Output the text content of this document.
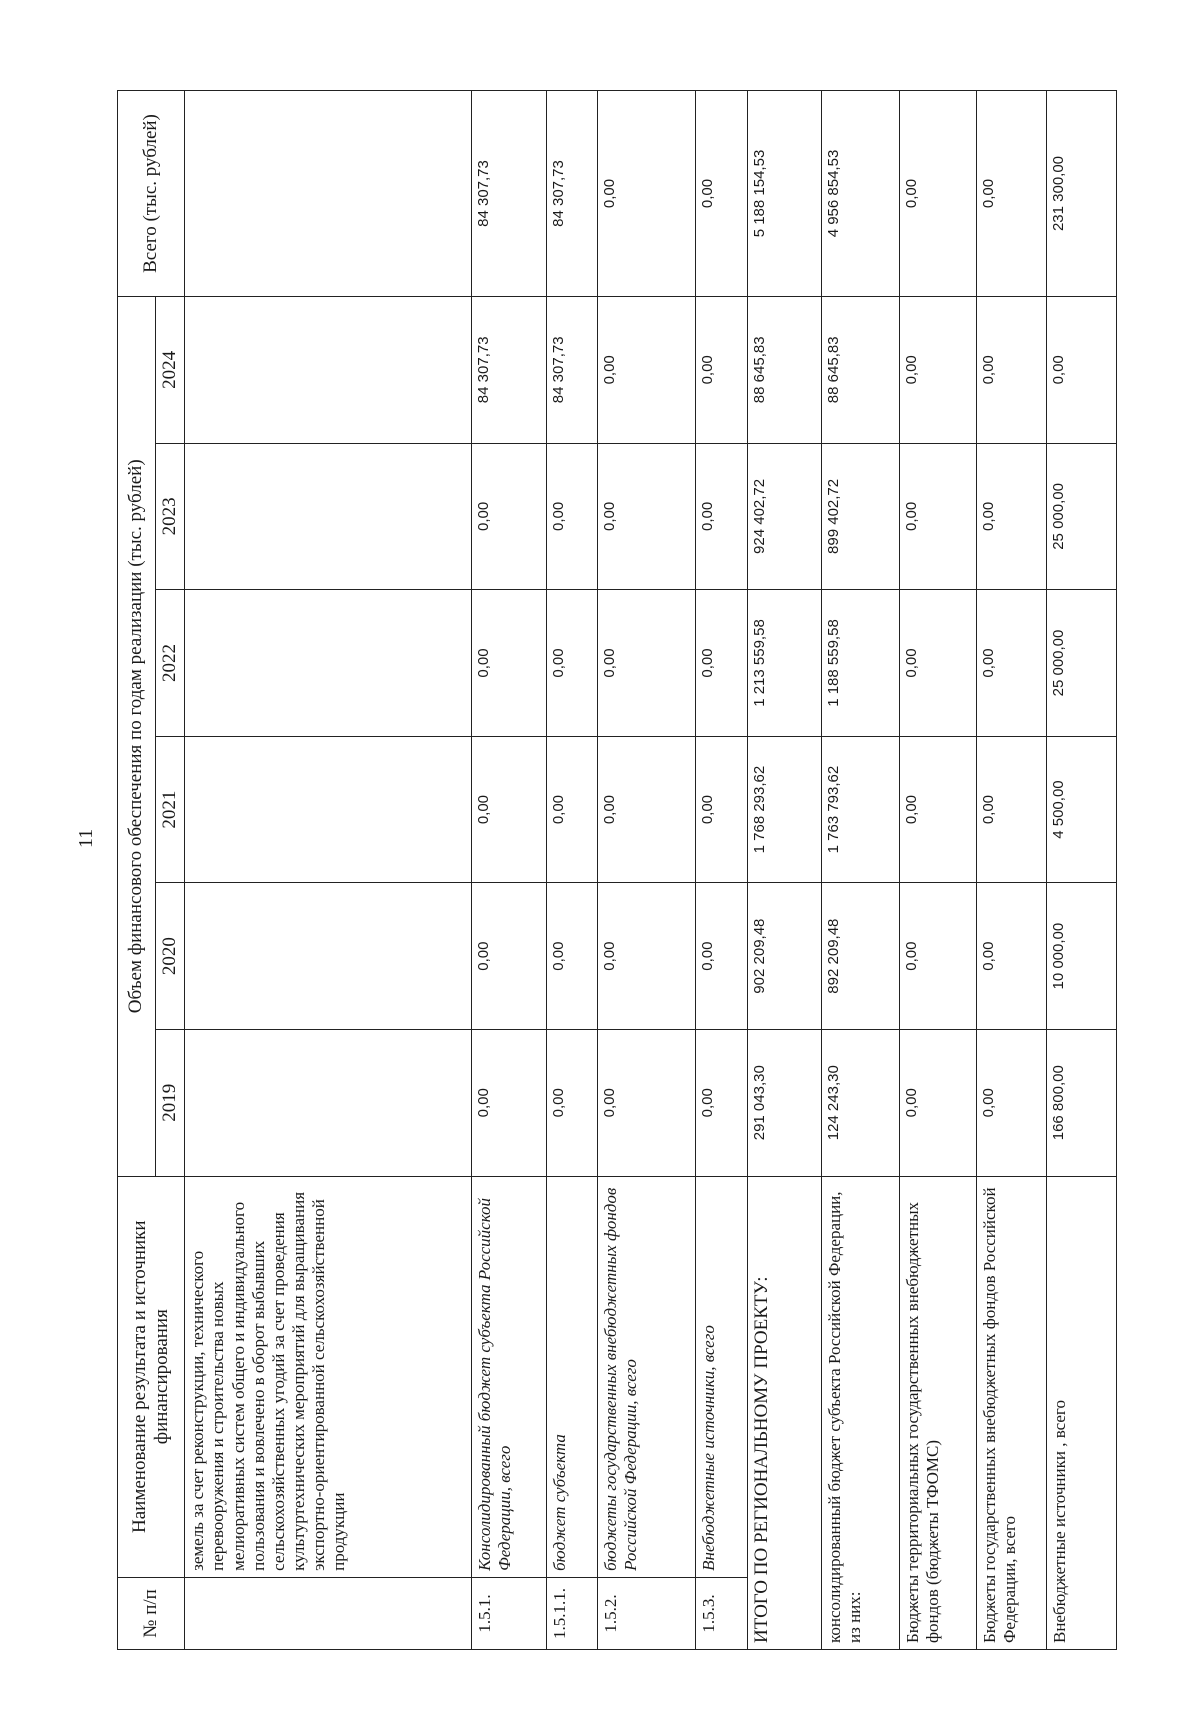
11
№ п/п	Наименование результата и источники финансирования	Объем финансового обеспечения по годам реализации (тыс. рублей)						Всего (тыс. рублей)
		2019	2020	2021	2022	2023	2024	
	земель за счет реконструкции, технического перевооружения и строительства новых мелиоративных систем общего и индивидуального пользования и вовлечено в оборот выбывших сельскохозяйственных угодий за счет проведения культуртехнических мероприятий для выращивания экспортно-ориентированной сельскохозяйственной продукции							
1.5.1.	Консолидированный бюджет субъекта Российской Федерации, всего	0,00	0,00	0,00	0,00	0,00	84 307,73	84 307,73
1.5.1.1.	бюджет субъекта	0,00	0,00	0,00	0,00	0,00	84 307,73	84 307,73
1.5.2.	бюджеты государственных внебюджетных фондов Российской Федерации, всего	0,00	0,00	0,00	0,00	0,00	0,00	0,00
1.5.3.	Внебюджетные источники, всего	0,00	0,00	0,00	0,00	0,00	0,00	0,00
ИТОГО ПО РЕГИОНАЛЬНОМУ ПРОЕКТУ:		291 043,30	902 209,48	1 768 293,62	1 213 559,58	924 402,72	88 645,83	5 188 154,53
консолидированный бюджет субъекта Российской Федерации, из них:		124 243,30	892 209,48	1 763 793,62	1 188 559,58	899 402,72	88 645,83	4 956 854,53
Бюджеты территориальных государственных внебюджетных фондов (бюджеты ТФОМС)		0,00	0,00	0,00	0,00	0,00	0,00	0,00
Бюджеты государственных внебюджетных фондов Российской Федерации, всего		0,00	0,00	0,00	0,00	0,00	0,00	0,00
Внебюджетные источники , всего		166 800,00	10 000,00	4 500,00	25 000,00	25 000,00	0,00	231 300,00
